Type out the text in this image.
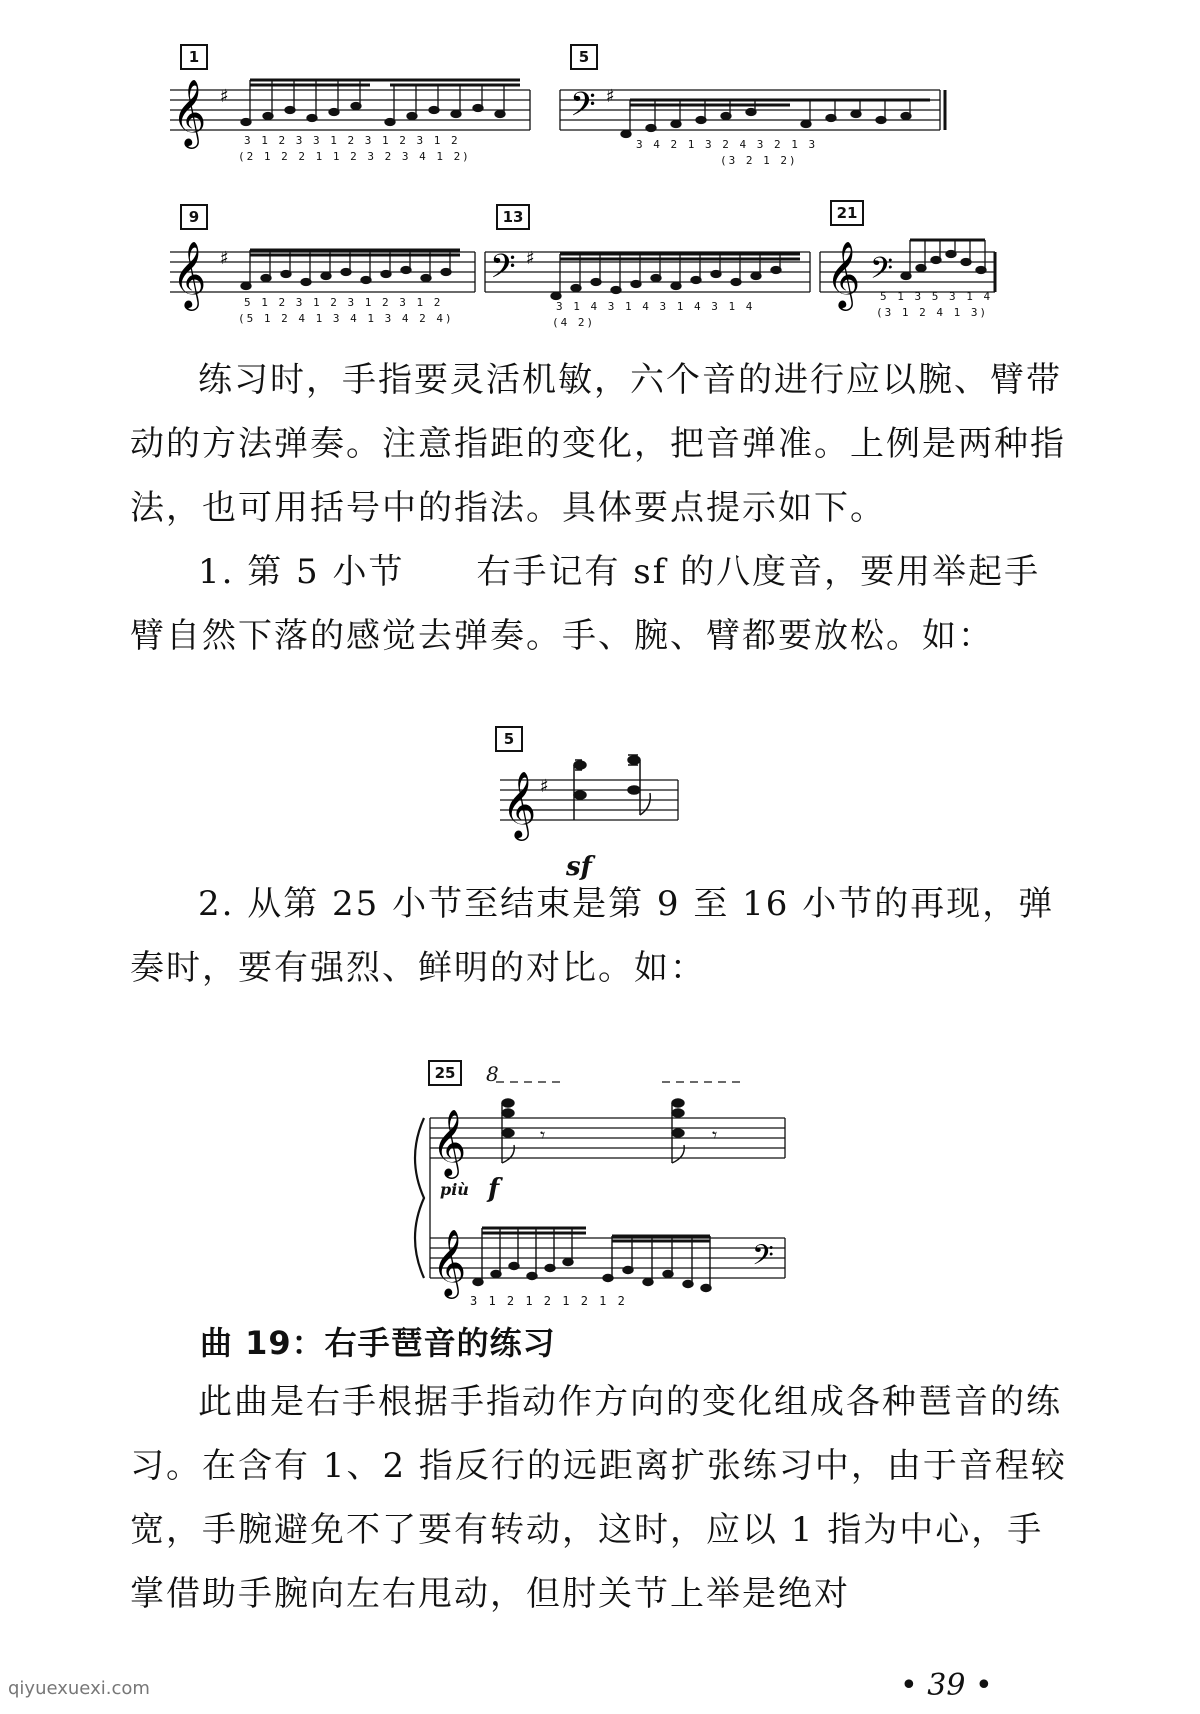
1	5
𝄞 ♯	𝄢 ♯
3 1 2 3 3 1 2 3 1 2 3 1 2
(2 1 2 2 1 1 2 3 2 3 4 1 2)
3 4 2 1 3 2 4 3 2 1 3
(3 2 1 2)
9	13	21
𝄞 ♯	𝄢 ♯	𝄞 𝄢
5 1 2 3 1 2 3 1 2 3 1 2
(5 1 2 4 1 3 4 1 3 4 2 4)
3 1 4 3 1 4 3 1 4 3 1 4
(4 2)
5 1 3 5 3 1 4
(3 1 2 4 1 3)

练习时，手指要灵活机敏，六个音的进行应以腕、臂带动的方法弹奏。注意指距的变化，把音弹准。上例是两种指法，也可用括号中的指法。具体要点提示如下。

1. 第 5 小节　　右手记有 sf 的八度音，要用举起手臂自然下落的感觉去弹奏。手、腕、臂都要放松。如：

5
𝄞 ♯
sf

2. 从第 25 小节至结束是第 9 至 16 小节的再现，弹奏时，要有强烈、鲜明的对比。如：

25	8
𝄞
𝄞	𝄢
𝄾	𝄾
più f
3 1 2 1 2 1 2 1 2
曲 19：右手琶音的练习

此曲是右手根据手指动作方向的变化组成各种琶音的练习。在含有 1、2 指反行的远距离扩张练习中，由于音程较宽，手腕避免不了要有转动，这时，应以 1 指为中心，手掌借助手腕向左右甩动，但肘关节上举是绝对

qiyuexuexi.com	• 39 •
